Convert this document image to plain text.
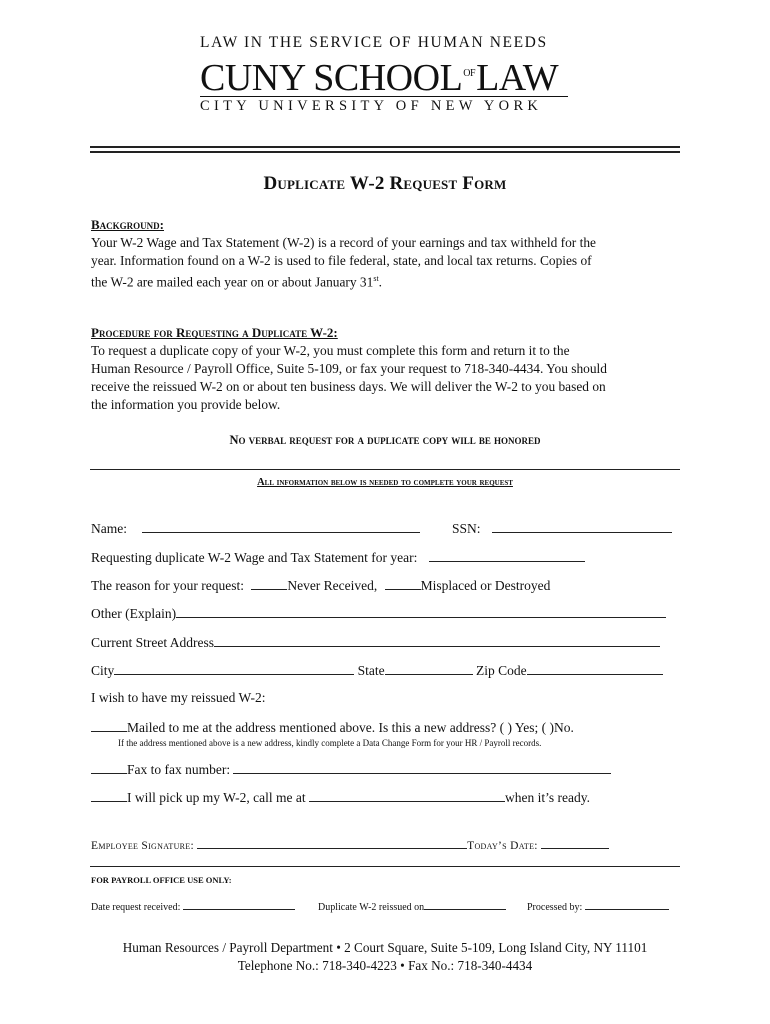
LAW IN THE SERVICE OF HUMAN NEEDS
CUNY SCHOOLOFLAW
CITY UNIVERSITY OF NEW YORK
Duplicate W-2 Request Form
Background:
Your W-2 Wage and Tax Statement (W-2) is a record of your earnings and tax withheld for the
year. Information found on a W-2 is used to file federal, state, and local tax returns. Copies of
the W-2 are mailed each year on or about January 31st.
Procedure for Requesting a Duplicate W-2:
To request a duplicate copy of your W-2, you must complete this form and return it to the
Human Resource / Payroll Office, Suite 5-109, or fax your request to 718-340-4434. You should
receive the reissued W-2 on or about ten business days. We will deliver the W-2 to you based on
the information you provide below.
No verbal request for a duplicate copy will be honored
All information below is needed to complete your request
Name:	SSN:
Requesting duplicate W-2 Wage and Tax Statement for year:
The reason for your request:	Never Received,	Misplaced or Destroyed
Other (Explain)
Current Street Address
City	State	Zip Code
I wish to have my reissued W-2:
Mailed to me at the address mentioned above. Is this a new address? ( ) Yes; ( )No.
If the address mentioned above is a new address, kindly complete a Data Change Form for your HR / Payroll records.
Fax to fax number:
I will pick up my W-2, call me at	when it’s ready.
Employee Signature:	Today’s Date:
FOR PAYROLL OFFICE USE ONLY:
Date request received:	Duplicate W-2 reissued on	Processed by:
Human Resources / Payroll Department • 2 Court Square, Suite 5-109, Long Island City, NY 11101
Telephone No.: 718-340-4223 • Fax No.: 718-340-4434
